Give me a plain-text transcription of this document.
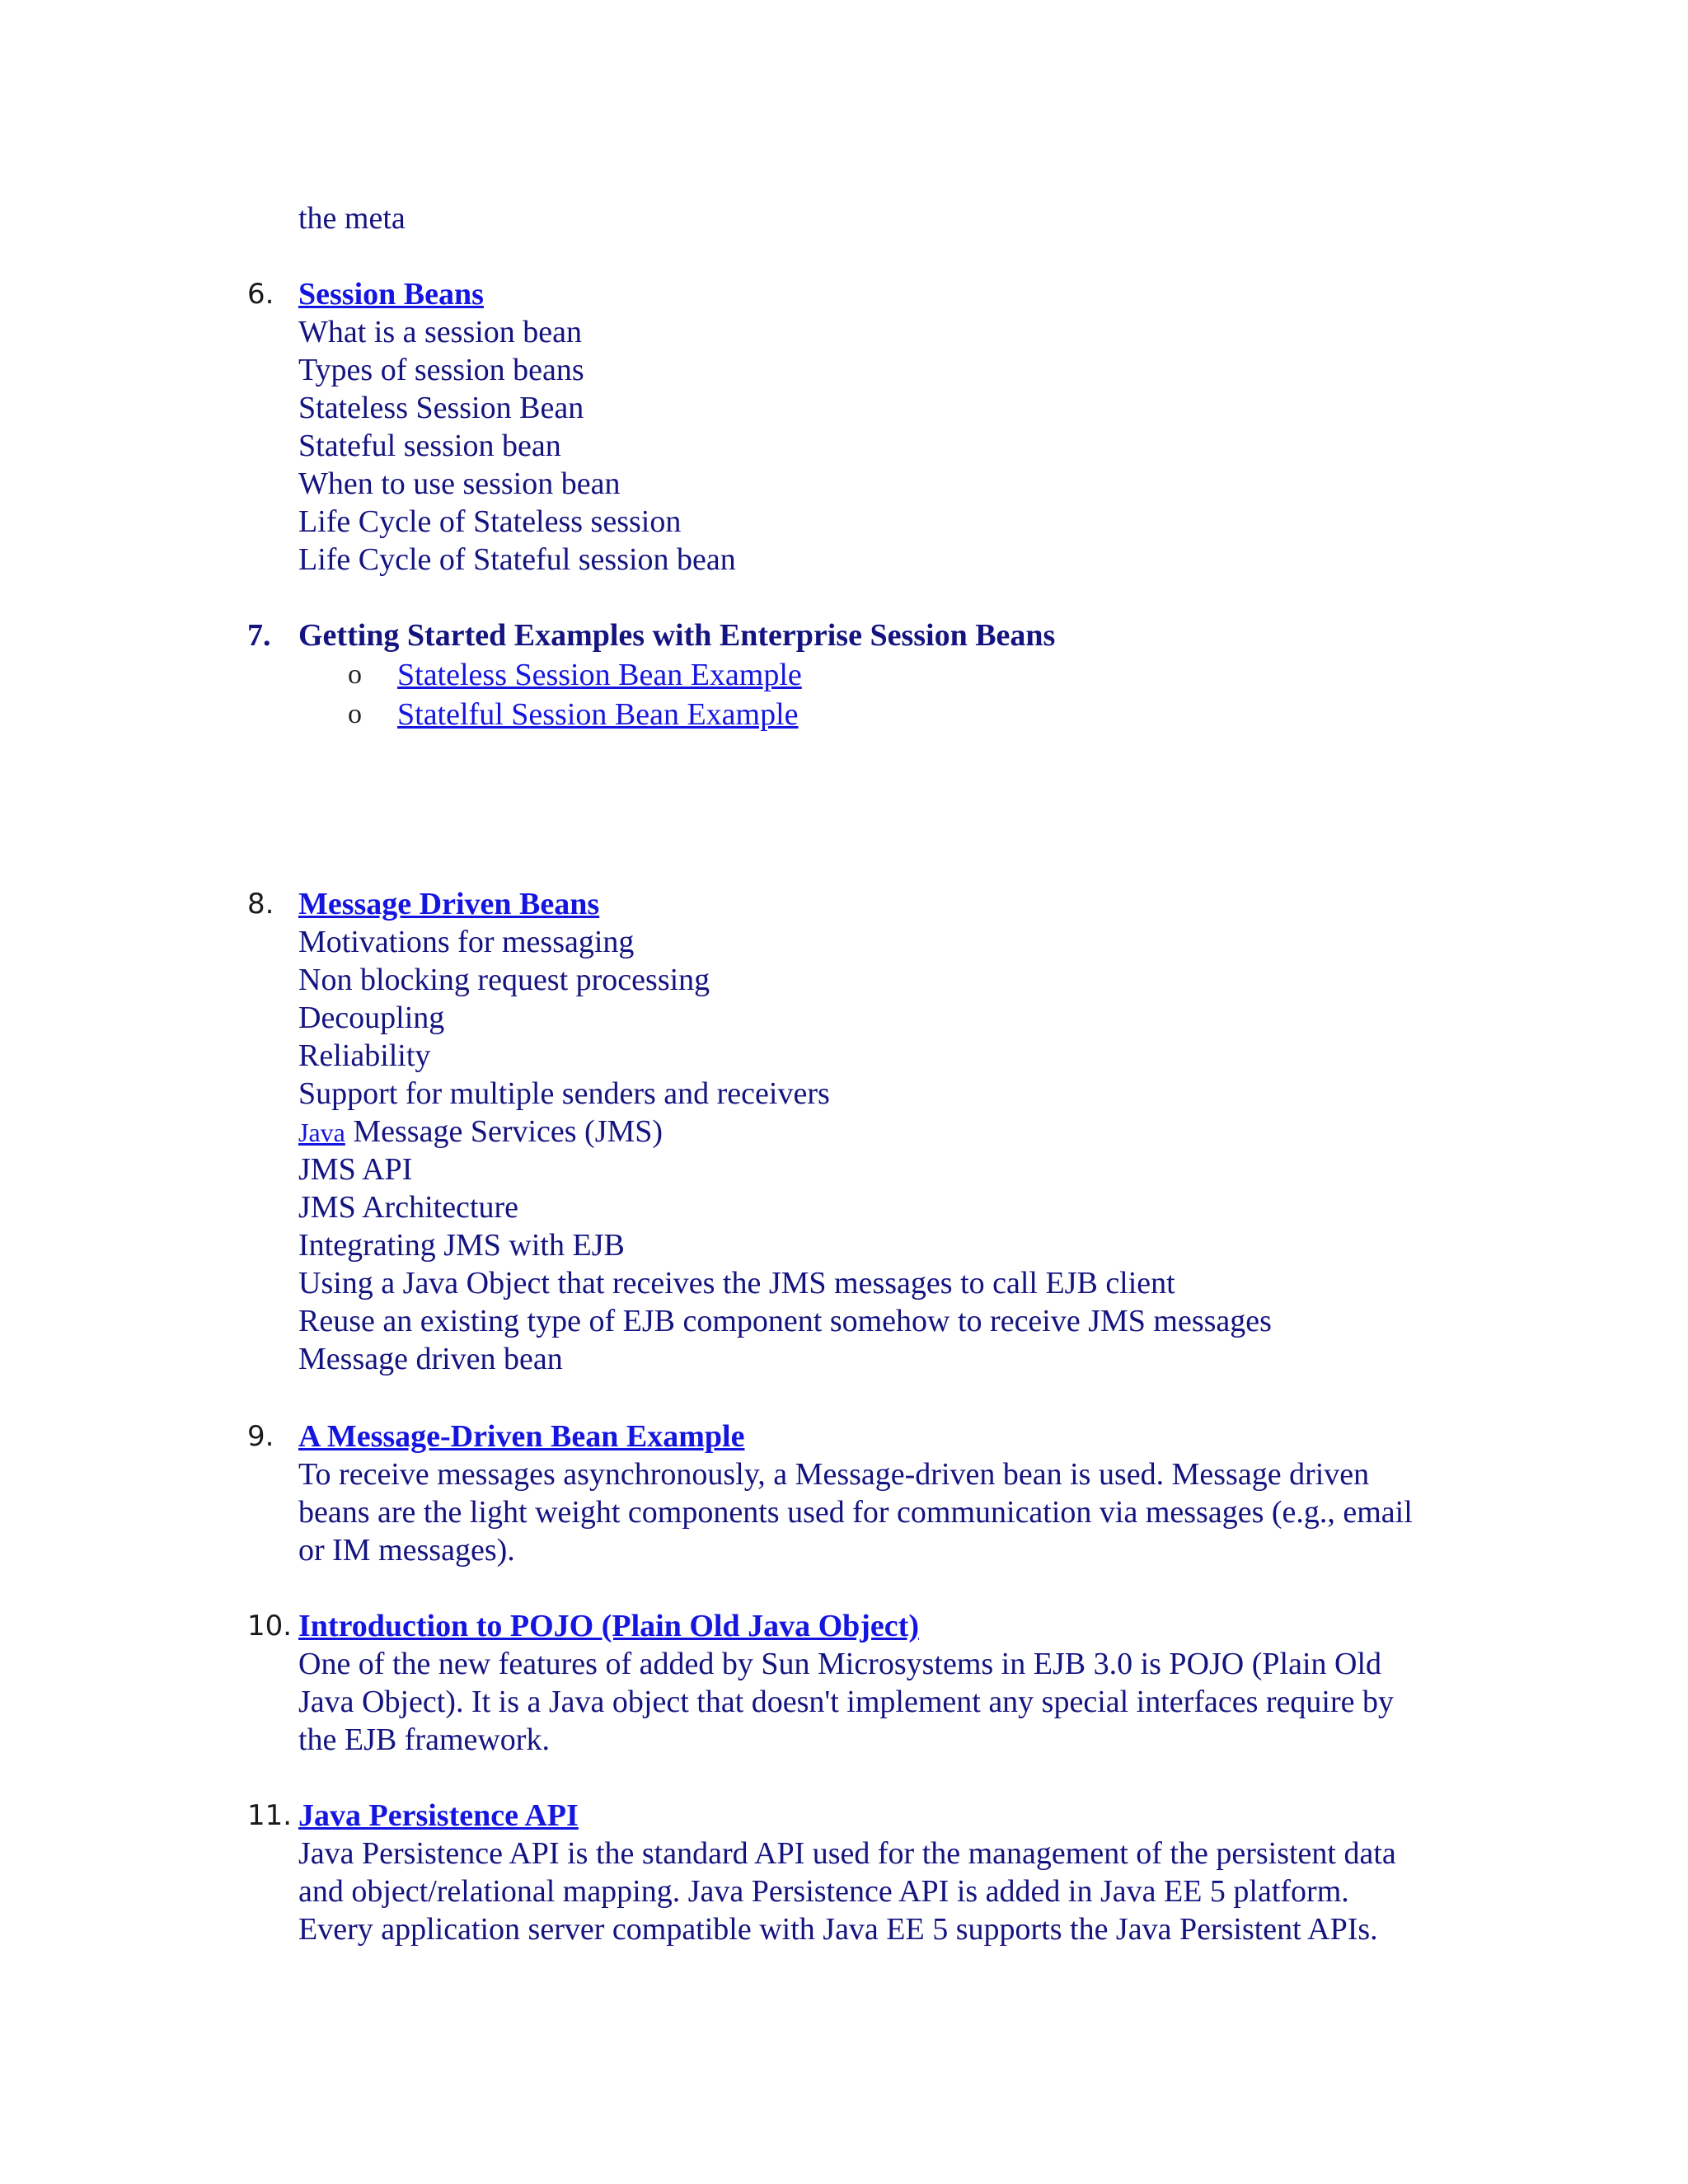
the meta
6. Session Beans
What is a session bean
Types of session beans
Stateless Session Bean
Stateful session bean
When to use session bean
Life Cycle of Stateless session
Life Cycle of Stateful session bean
7. Getting Started Examples with Enterprise Session Beans
o Stateless Session Bean Example
o Statelful Session Bean Example
8. Message Driven Beans
Motivations for messaging
Non blocking request processing
Decoupling
Reliability
Support for multiple senders and receivers
Java Message Services (JMS)
JMS API
JMS Architecture
Integrating JMS with EJB
Using a Java Object that receives the JMS messages to call EJB client
Reuse an existing type of EJB component somehow to receive JMS messages
Message driven bean
9. A Message-Driven Bean Example
To receive messages asynchronously, a Message-driven bean is used. Message driven
beans are the light weight components used for communication via messages (e.g., email
or IM messages).
10. Introduction to POJO (Plain Old Java Object)
One of the new features of added by Sun Microsystems in EJB 3.0 is POJO (Plain Old
Java Object). It is a Java object that doesn't implement any special interfaces require by
the EJB framework.
11. Java Persistence API
Java Persistence API is the standard API used for the management of the persistent data
and object/relational mapping. Java Persistence API is added in Java EE 5 platform.
Every application server compatible with Java EE 5 supports the Java Persistent APIs.
